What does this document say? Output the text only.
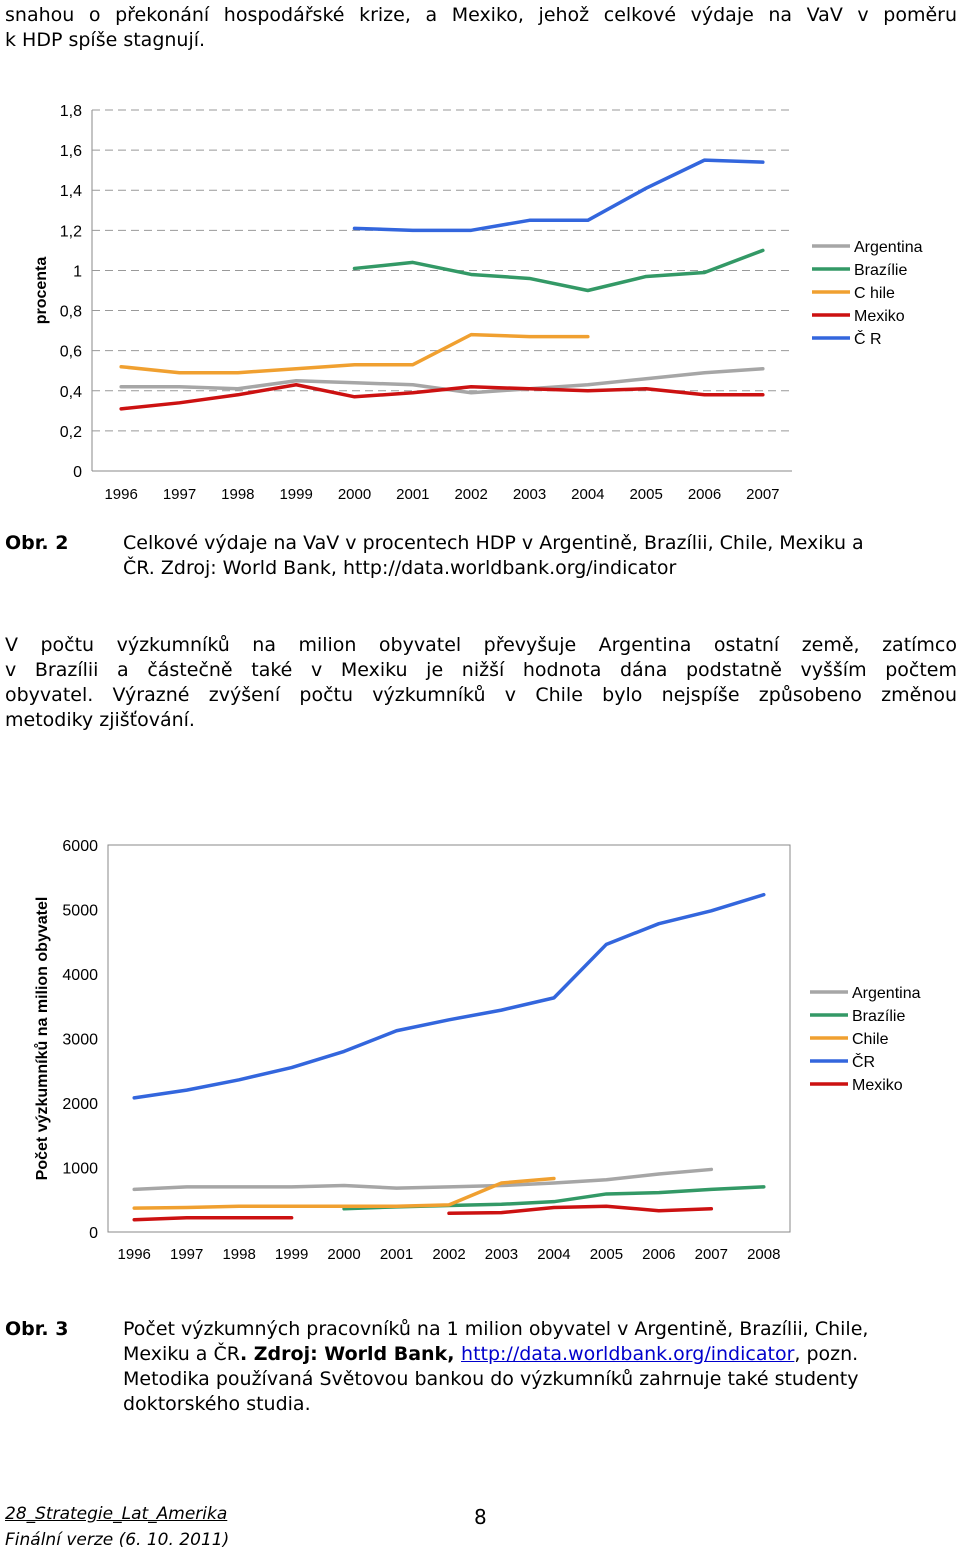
snahou o překonání hospodářské krize, a Mexiko, jehož celkové výdaje na VaV v poměru
k HDP spíše stagnují.
0
0,2
0,4
0,6
0,8
1
1,2
1,4
1,6
1,8
1996 1997 1998 1999 2000 2001 2002 2003 2004 2005 2006 2007
procenta
Argentina
Brazílie
C hile
Mexiko
Č R
Obr. 2	Celkové výdaje na VaV v procentech HDP v Argentině, Brazílii, Chile, Mexiku a
ČR. Zdroj: World Bank, http://data.worldbank.org/indicator
V počtu výzkumníků na milion obyvatel převyšuje Argentina ostatní země, zatímco
v Brazílii a částečně také v Mexiku je nižší hodnota dána podstatně vyšším počtem
obyvatel. Výrazné zvýšení počtu výzkumníků v Chile bylo nejspíše způsobeno změnou
metodiky zjišťování.
0
1000
2000
3000
4000
5000
6000
1996 1997 1998 1999 2000 2001 2002 2003 2004 2005 2006 2007 2008
Počet výzkumníků na milion obyvatel	Argentina
Brazílie
Chile
ČR
Mexiko
Obr. 3	Počet výzkumných pracovníků na 1 milion obyvatel v Argentině, Brazílii, Chile,
Mexiku a ČR. Zdroj: World Bank, http://data.worldbank.org/indicator, pozn.
Metodika používaná Světovou bankou do výzkumníků zahrnuje také studenty
doktorského studia.
28_Strategie_Lat_Amerika	8
Finální verze (6. 10. 2011)
